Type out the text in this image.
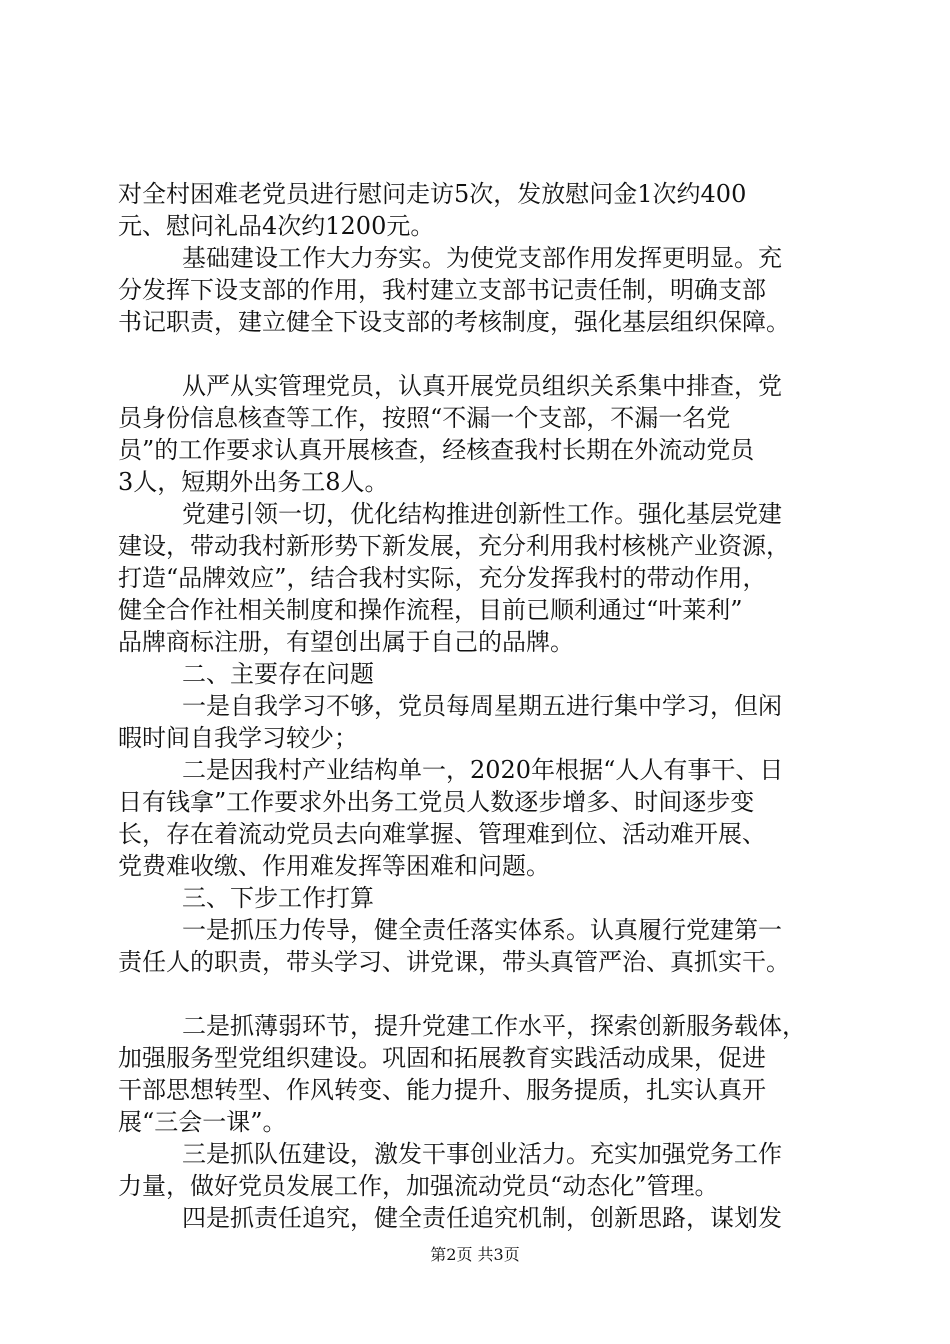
对全村困难老党员进行慰问走访5次，发放慰问金1次约400
元、慰问礼品4次约1200元。
基础建设工作大力夯实。为使党支部作用发挥更明显。充
分发挥下设支部的作用，我村建立支部书记责任制，明确支部
书记职责，建立健全下设支部的考核制度，强化基层组织保障。
从严从实管理党员，认真开展党员组织关系集中排查，党
员身份信息核查等工作，按照“不漏一个支部，不漏一名党
员”的工作要求认真开展核查，经核查我村长期在外流动党员
3人，短期外出务工8人。
党建引领一切，优化结构推进创新性工作。强化基层党建
建设，带动我村新形势下新发展，充分利用我村核桃产业资源，
打造“品牌效应”，结合我村实际，充分发挥我村的带动作用，
健全合作社相关制度和操作流程，目前已顺利通过“叶莱利”
品牌商标注册，有望创出属于自己的品牌。
二、主要存在问题
一是自我学习不够，党员每周星期五进行集中学习，但闲
暇时间自我学习较少；
二是因我村产业结构单一，2020年根据“人人有事干、日
日有钱拿”工作要求外出务工党员人数逐步增多、时间逐步变
长，存在着流动党员去向难掌握、管理难到位、活动难开展、
党费难收缴、作用难发挥等困难和问题。
三、下步工作打算
一是抓压力传导，健全责任落实体系。认真履行党建第一
责任人的职责，带头学习、讲党课，带头真管严治、真抓实干。
二是抓薄弱环节，提升党建工作水平，探索创新服务载体，
加强服务型党组织建设。巩固和拓展教育实践活动成果，促进
干部思想转型、作风转变、能力提升、服务提质，扎实认真开
展“三会一课”。
三是抓队伍建设，激发干事创业活力。充实加强党务工作
力量，做好党员发展工作，加强流动党员“动态化”管理。
四是抓责任追究，健全责任追究机制，创新思路，谋划发
第2页 共3页
